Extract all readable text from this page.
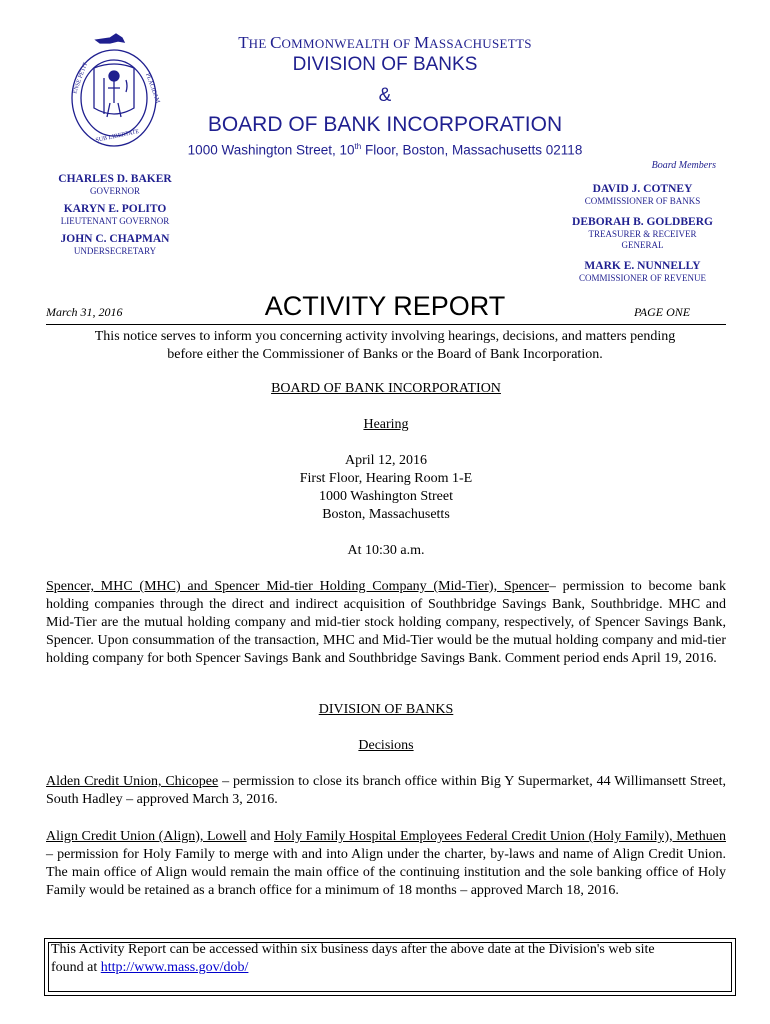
ENSE PETIT	PLACIDAM
SUB LIBERTATE
THE COMMONWEALTH OF MASSACHUSETTS
DIVISION OF BANKS
&
BOARD OF BANK INCORPORATION
1000 Washington Street, 10th Floor, Boston, Massachusetts 02118
CHARLES D. BAKER
GOVERNOR
KARYN E. POLITO
LIEUTENANT GOVERNOR
JOHN C. CHAPMAN
UNDERSECRETARY
Board Members
DAVID J. COTNEY
COMMISSIONER OF BANKS
DEBORAH B. GOLDBERG
TREASURER & RECEIVER
GENERAL
MARK E. NUNNELLY
COMMISSIONER OF REVENUE
March 31, 2016	ACTIVITY REPORT	PAGE ONE
This notice serves to inform you concerning activity involving hearings, decisions, and matters pending before either the Commissioner of Banks or the Board of Bank Incorporation.
BOARD OF BANK INCORPORATION
Hearing
April 12, 2016
First Floor, Hearing Room 1-E
1000 Washington Street
Boston, Massachusetts
At 10:30 a.m.
Spencer, MHC (MHC) and Spencer Mid-tier Holding Company (Mid-Tier), Spencer– permission to become bank holding companies through the direct and indirect acquisition of Southbridge Savings Bank, Southbridge. MHC and Mid-Tier are the mutual holding company and mid-tier stock holding company, respectively, of Spencer Savings Bank, Spencer. Upon consummation of the transaction, MHC and Mid-Tier would be the mutual holding company and mid-tier holding company for both Spencer Savings Bank and Southbridge Savings Bank. Comment period ends April 19, 2016.
DIVISION OF BANKS
Decisions
Alden Credit Union, Chicopee – permission to close its branch office within Big Y Supermarket, 44 Willimansett Street, South Hadley – approved March 3, 2016.
Align Credit Union (Align), Lowell and Holy Family Hospital Employees Federal Credit Union (Holy Family), Methuen – permission for Holy Family to merge with and into Align under the charter, by-laws and name of Align Credit Union. The main office of Align would remain the main office of the continuing institution and the sole banking office of Holy Family would be retained as a branch office for a minimum of 18 months – approved March 18, 2016.
This Activity Report can be accessed within six business days after the above date at the Division's web site
found at http://www.mass.gov/dob/
